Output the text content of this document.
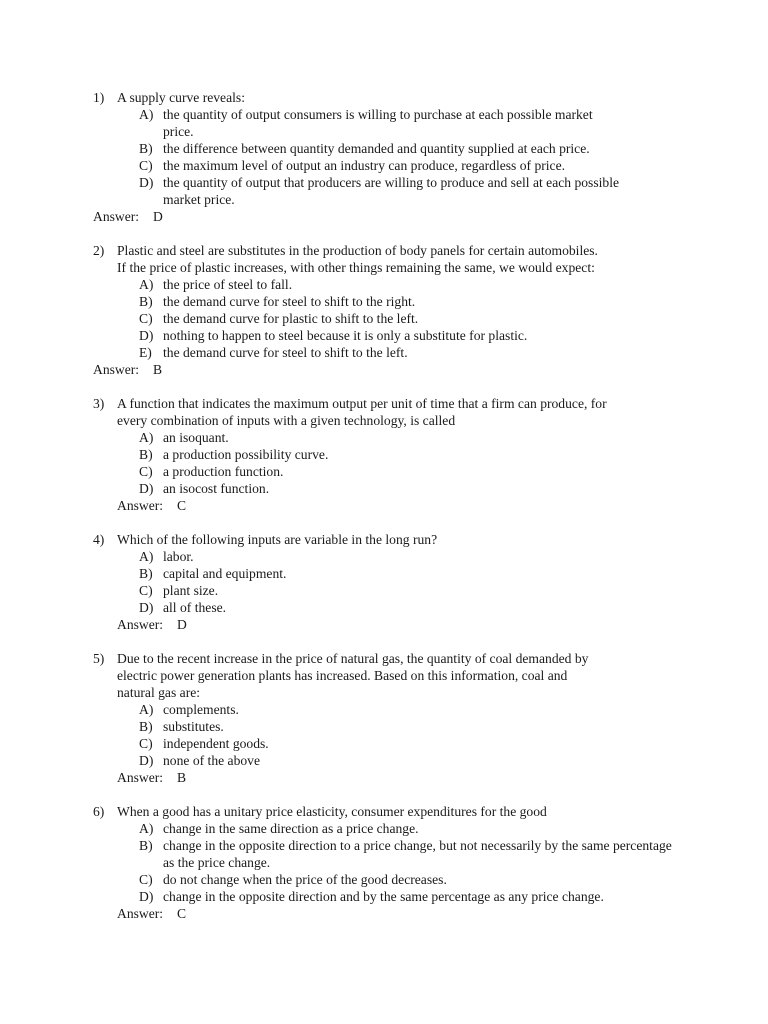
1) A supply curve reveals:
A) the quantity of output consumers is willing to purchase at each possible market price.
B) the difference between quantity demanded and quantity supplied at each price.
C) the maximum level of output an industry can produce, regardless of price.
D) the quantity of output that producers are willing to produce and sell at each possible market price.
Answer: D
2) Plastic and steel are substitutes in the production of body panels for certain automobiles.
If the price of plastic increases, with other things remaining the same, we would expect:
A) the price of steel to fall.
B) the demand curve for steel to shift to the right.
C) the demand curve for plastic to shift to the left.
D) nothing to happen to steel because it is only a substitute for plastic.
E) the demand curve for steel to shift to the left.
Answer: B
3) A function that indicates the maximum output per unit of time that a firm can produce, for
every combination of inputs with a given technology, is called
A) an isoquant.
B) a production possibility curve.
C) a production function.
D) an isocost function.
Answer: C
4) Which of the following inputs are variable in the long run?
A) labor.
B) capital and equipment.
C) plant size.
D) all of these.
Answer: D
5) Due to the recent increase in the price of natural gas, the quantity of coal demanded by
electric power generation plants has increased. Based on this information, coal and
natural gas are:
A) complements.
B) substitutes.
C) independent goods.
D) none of the above
Answer: B
6) When a good has a unitary price elasticity, consumer expenditures for the good
A) change in the same direction as a price change.
B) change in the opposite direction to a price change, but not necessarily by the same percentage as the price change.
C) do not change when the price of the good decreases.
D) change in the opposite direction and by the same percentage as any price change.
Answer: C
